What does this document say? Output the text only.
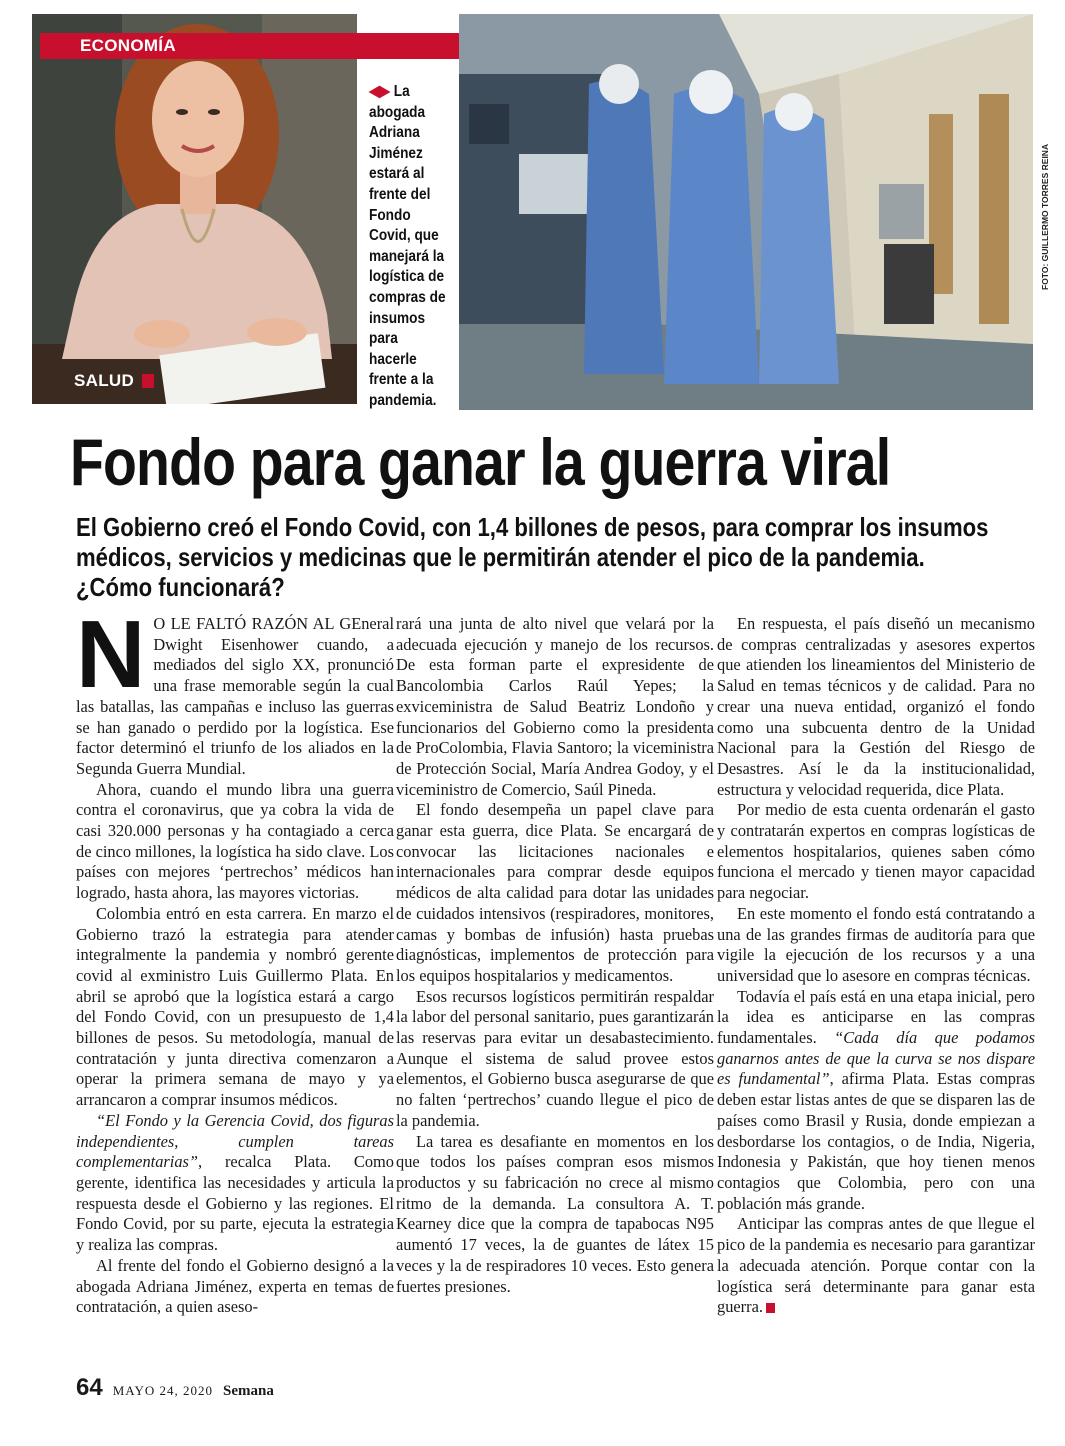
ECONOMÍA
SALUD
◀▶ La abogada Adriana Jiménez estará al frente del Fondo Covid, que manejará la logística de compras de insumos para hacerle frente a la pandemia.
FOTO: GUILLERMO TORRES REINA
Fondo para ganar la guerra viral
El Gobierno creó el Fondo Covid, con 1,4 billones de pesos, para comprar los insumos médicos, servicios y medicinas que le permitirán atender el pico de la pandemia. ¿Cómo funcionará?

N O LE FALTÓ RAZÓN AL GEneral Dwight Eisenhower cuando, a mediados del siglo XX, pronunció una frase memorable según la cual las batallas, las campañas e incluso las guerras se han ganado o perdido por la logística. Ese factor determinó el triunfo de los aliados en la Segunda Guerra Mundial.

Ahora, cuando el mundo libra una guerra contra el coronavirus, que ya cobra la vida de casi 320.000 personas y ha contagiado a cerca de cinco millones, la logística ha sido clave. Los países con mejores ‘pertrechos’ médicos han logrado, hasta ahora, las mayores victorias.

Colombia entró en esta carrera. En marzo el Gobierno trazó la estrategia para atender integralmente la pandemia y nombró gerente covid al exministro Luis Guillermo Plata. En abril se aprobó que la logística estará a cargo del Fondo Covid, con un presupuesto de 1,4 billones de pesos. Su metodología, manual de contratación y junta directiva comenzaron a operar la primera semana de mayo y ya arrancaron a comprar insumos médicos.

“El Fondo y la Gerencia Covid, dos figuras independientes, cumplen tareas complementarias”, recalca Plata. Como gerente, identifica las necesidades y articula la respuesta desde el Gobierno y las regiones. El Fondo Covid, por su parte, ejecuta la estrategia y realiza las compras.

Al frente del fondo el Gobierno designó a la abogada Adriana Jiménez, experta en temas de contratación, a quien aseso-

rará una junta de alto nivel que velará por la adecuada ejecución y manejo de los recursos. De esta forman parte el expresidente de Bancolombia Carlos Raúl Yepes; la exviceministra de Salud Beatriz Londoño y funcionarios del Gobierno como la presidenta de ProColombia, Flavia Santoro; la viceministra de Protección Social, María Andrea Godoy, y el viceministro de Comercio, Saúl Pineda.

El fondo desempeña un papel clave para ganar esta guerra, dice Plata. Se encargará de convocar las licitaciones nacionales e internacionales para comprar desde equipos médicos de alta calidad para dotar las unidades de cuidados intensivos (respiradores, monitores, camas y bombas de infusión) hasta pruebas diagnósticas, implementos de protección para los equipos hospitalarios y medicamentos.

Esos recursos logísticos permitirán respaldar la labor del personal sanitario, pues garantizarán las reservas para evitar un desabastecimiento. Aunque el sistema de salud provee estos elementos, el Gobierno busca asegurarse de que no falten ‘pertrechos’ cuando llegue el pico de la pandemia.

La tarea es desafiante en momentos en los que todos los países compran esos mismos productos y su fabricación no crece al mismo ritmo de la demanda. La consultora A. T. Kearney dice que la compra de tapabocas N95 aumentó 17 veces, la de guantes de látex 15 veces y la de respiradores 10 veces. Esto genera fuertes presiones.

En respuesta, el país diseñó un mecanismo de compras centralizadas y asesores expertos que atienden los lineamientos del Ministerio de Salud en temas técnicos y de calidad. Para no crear una nueva entidad, organizó el fondo como una subcuenta dentro de la Unidad Nacional para la Gestión del Riesgo de Desastres. Así le da la institucionalidad, estructura y velocidad requerida, dice Plata.

Por medio de esta cuenta ordenarán el gasto y contratarán expertos en compras logísticas de elementos hospitalarios, quienes saben cómo funciona el mercado y tienen mayor capacidad para negociar.

En este momento el fondo está contratando a una de las grandes firmas de auditoría para que vigile la ejecución de los recursos y a una universidad que lo asesore en compras técnicas.

Todavía el país está en una etapa inicial, pero la idea es anticiparse en las compras fundamentales. “Cada día que podamos ganarnos antes de que la curva se nos dispare es fundamental”, afirma Plata. Estas compras deben estar listas antes de que se disparen las de países como Brasil y Rusia, donde empiezan a desbordarse los contagios, o de India, Nigeria, Indonesia y Pakistán, que hoy tienen menos contagios que Colombia, pero con una población más grande.

Anticipar las compras antes de que llegue el pico de la pandemia es necesario para garantizar la adecuada atención. Porque contar con la logística será determinante para ganar esta guerra.

64 MAYO 24, 2020 Semana
